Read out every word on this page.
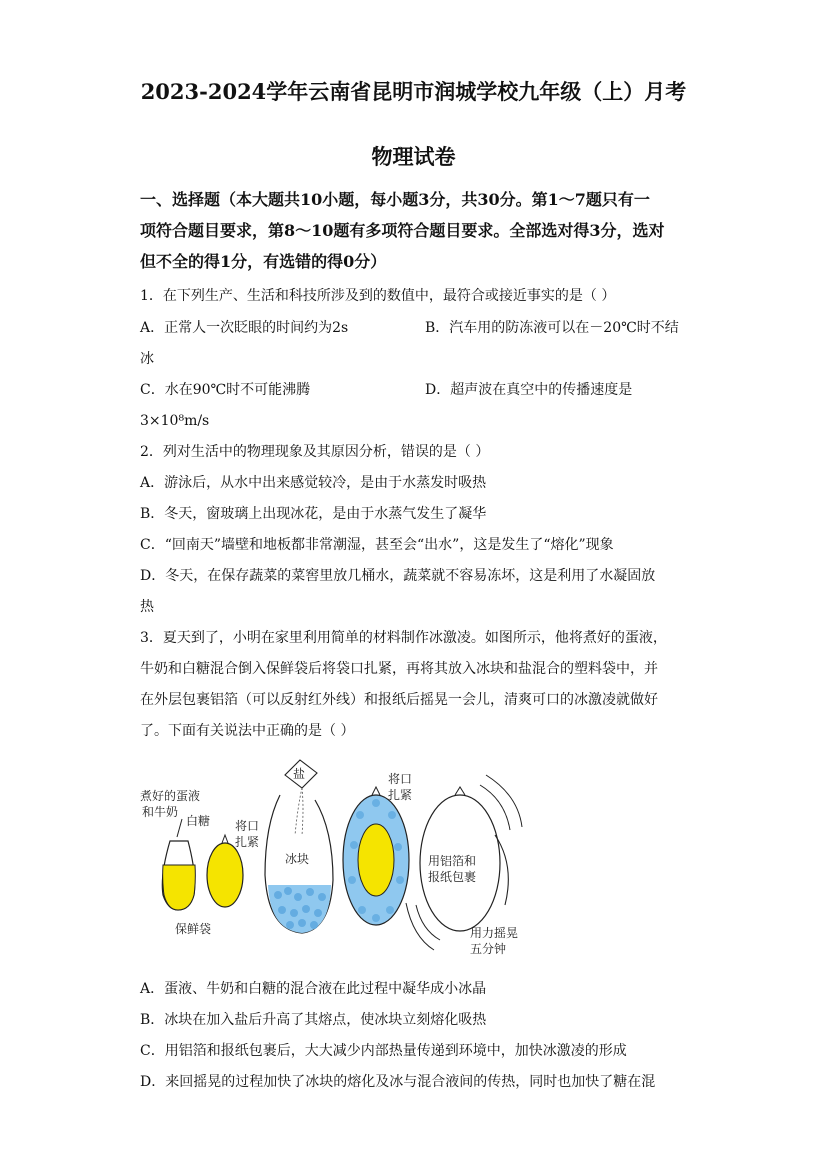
2023-2024学年云南省昆明市润城学校九年级（上）月考
物理试卷
一、选择题（本大题共10小题，每小题3分，共30分。第1～7题只有一
项符合题目要求，第8～10题有多项符合题目要求。全部选对得3分，选对
但不全的得1分，有选错的得0分）
1．在下列生产、生活和科技所涉及到的数值中，最符合或接近事实的是（ ）
A．正常人一次眨眼的时间约为2s	B．汽车用的防冻液可以在－20℃时不结
冰
C．水在90℃时不可能沸腾	D．超声波在真空中的传播速度是
3×10⁸m/s
2．列对生活中的物理现象及其原因分析，错误的是（ ）
A．游泳后，从水中出来感觉较冷，是由于水蒸发时吸热
B．冬天，窗玻璃上出现冰花，是由于水蒸气发生了凝华
C．“回南天”墙壁和地板都非常潮湿，甚至会“出水”，这是发生了“熔化”现象
D．冬天，在保存蔬菜的菜窖里放几桶水，蔬菜就不容易冻坏，这是利用了水凝固放
热
3．夏天到了，小明在家里利用简单的材料制作冰激凌。如图所示，他将煮好的蛋液，
牛奶和白糖混合倒入保鲜袋后将袋口扎紧，再将其放入冰块和盐混合的塑料袋中，并
在外层包裹铝箔（可以反射红外线）和报纸后摇晃一会儿，清爽可口的冰激凌就做好
了。下面有关说法中正确的是（ ）
煮好的蛋液
和牛奶
白糖
保鲜袋
将口
扎紧
盐
冰块
将口
扎紧
用铝箔和
报纸包裹
用力摇晃
五分钟
A．蛋液、牛奶和白糖的混合液在此过程中凝华成小冰晶
B．冰块在加入盐后升高了其熔点，使冰块立刻熔化吸热
C．用铝箔和报纸包裹后，大大减少内部热量传递到环境中，加快冰激凌的形成
D．来回摇晃的过程加快了冰块的熔化及冰与混合液间的传热，同时也加快了糖在混
